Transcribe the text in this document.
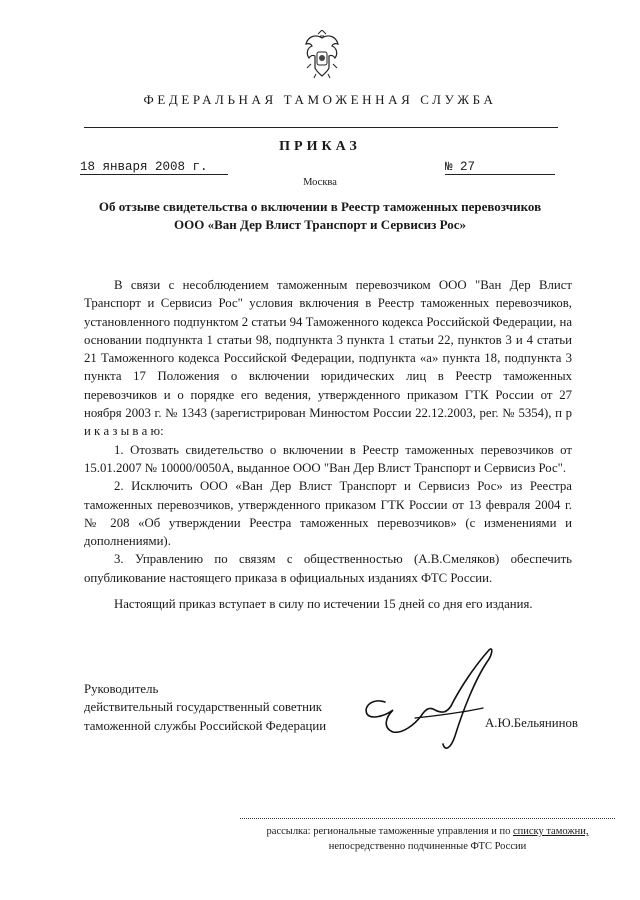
ФЕДЕРАЛЬНАЯ ТАМОЖЕННАЯ СЛУЖБА
ПРИКАЗ
18 января 2008 г.	№ 27
Москва
Об отзыве свидетельства о включении в Реестр таможенных перевозчиков
ООО «Ван Дер Влист Транспорт и Сервисиз Рос»

В связи с несоблюдением таможенным перевозчиком ООО "Ван Дер Влист Транспорт и Сервисиз Рос" условия включения в Реестр таможенных перевозчиков, установленного подпунктом 2 статьи 94 Таможенного кодекса Российской Федерации, на основании подпункта 1 статьи 98, подпункта 3 пункта 1 статьи 22, пунктов 3 и 4 статьи 21 Таможенного кодекса Российской Федерации, подпункта «а» пункта 18, подпункта 3 пункта 17 Положения о включении юридических лиц в Реестр таможенных перевозчиков и о порядке его ведения, утвержденного приказом ГТК России от 27 ноября 2003 г. № 1343 (зарегистрирован Минюстом России 22.12.2003, рег. № 5354), п р и к а з ы в а ю:

1. Отозвать свидетельство о включении в Реестр таможенных перевозчиков от 15.01.2007 № 10000/0050А, выданное ООО "Ван Дер Влист Транспорт и Сервисиз Рос".

2. Исключить ООО «Ван Дер Влист Транспорт и Сервисиз Рос» из Реестра таможенных перевозчиков, утвержденного приказом ГТК России от 13 февраля 2004 г. № 208 «Об утверждении Реестра таможенных перевозчиков» (с изменениями и дополнениями).

3. Управлению по связям с общественностью (А.В.Смеляков) обеспечить опубликование настоящего приказа в официальных изданиях ФТС России.

Настоящий приказ вступает в силу по истечении 15 дней со дня его издания.

Руководитель
действительный государственный советник
таможенной службы Российской Федерации	А.Ю.Бельянинов
рассылка: региональные таможенные управления и по списку таможни,
непосредственно подчиненные ФТС России
